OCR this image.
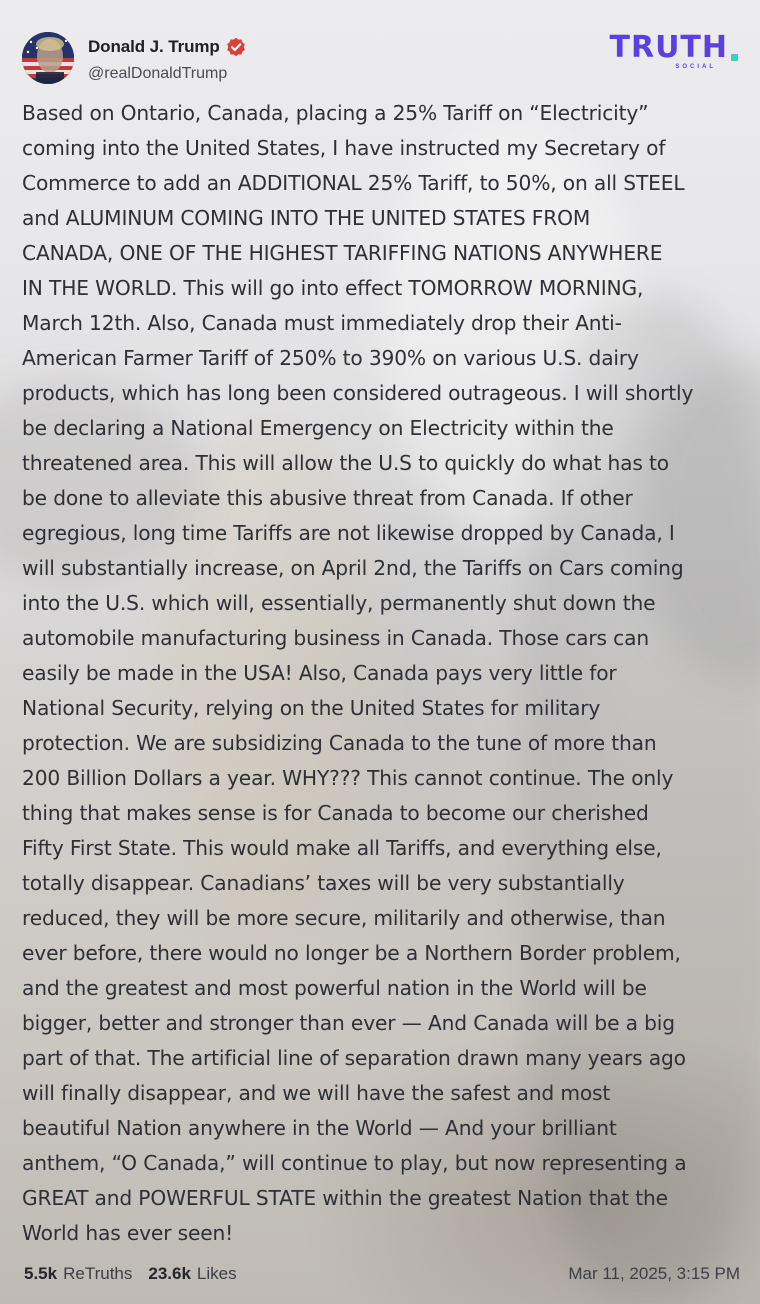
Donald J. Trump
@realDonaldTrump
TRUTH
SOCIAL
Based on Ontario, Canada, placing a 25% Tariff on “Electricity”
coming into the United States, I have instructed my Secretary of
Commerce to add an ADDITIONAL 25% Tariff, to 50%, on all STEEL
and ALUMINUM COMING INTO THE UNITED STATES FROM
CANADA, ONE OF THE HIGHEST TARIFFING NATIONS ANYWHERE
IN THE WORLD. This will go into effect TOMORROW MORNING,
March 12th. Also, Canada must immediately drop their Anti-
American Farmer Tariff of 250% to 390% on various U.S. dairy
products, which has long been considered outrageous. I will shortly
be declaring a National Emergency on Electricity within the
threatened area. This will allow the U.S to quickly do what has to
be done to alleviate this abusive threat from Canada. If other
egregious, long time Tariffs are not likewise dropped by Canada, I
will substantially increase, on April 2nd, the Tariffs on Cars coming
into the U.S. which will, essentially, permanently shut down the
automobile manufacturing business in Canada. Those cars can
easily be made in the USA! Also, Canada pays very little for
National Security, relying on the United States for military
protection. We are subsidizing Canada to the tune of more than
200 Billion Dollars a year. WHY??? This cannot continue. The only
thing that makes sense is for Canada to become our cherished
Fifty First State. This would make all Tariffs, and everything else,
totally disappear. Canadians’ taxes will be very substantially
reduced, they will be more secure, militarily and otherwise, than
ever before, there would no longer be a Northern Border problem,
and the greatest and most powerful nation in the World will be
bigger, better and stronger than ever — And Canada will be a big
part of that. The artificial line of separation drawn many years ago
will finally disappear, and we will have the safest and most
beautiful Nation anywhere in the World — And your brilliant
anthem, “O Canada,” will continue to play, but now representing a
GREAT and POWERFUL STATE within the greatest Nation that the
World has ever seen!
5.5k ReTruths 23.6k Likes	Mar 11, 2025, 3:15 PM
